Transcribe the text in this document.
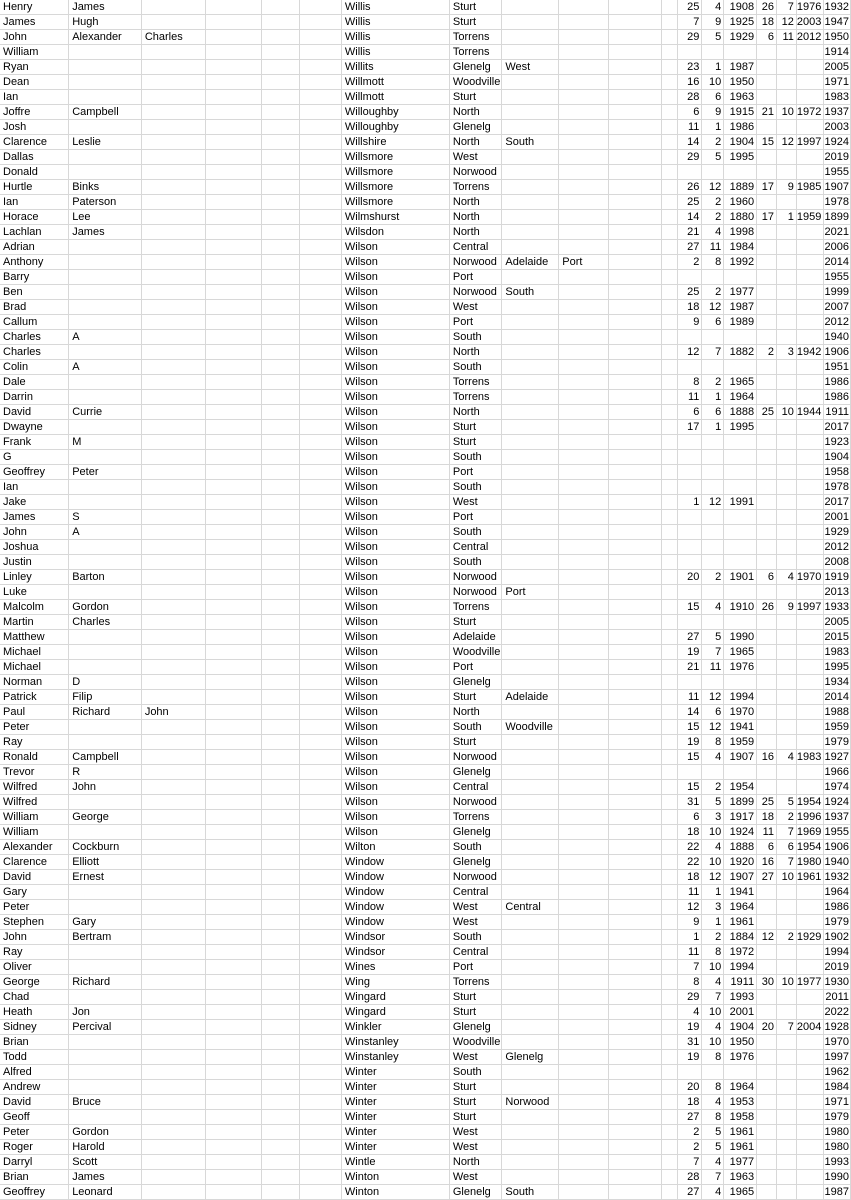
Henry	James					Willis	Sturt					25	4	1908	26	7	1976	1932
James	Hugh					Willis	Sturt					7	9	1925	18	12	2003	1947
John	Alexander	Charles				Willis	Torrens					29	5	1929	6	11	2012	1950
William						Willis	Torrens											1914
Ryan						Willits	Glenelg	West				23	1	1987				2005
Dean						Willmott	Woodville					16	10	1950				1971
Ian						Willmott	Sturt					28	6	1963				1983
Joffre	Campbell					Willoughby	North					6	9	1915	21	10	1972	1937
Josh						Willoughby	Glenelg					11	1	1986				2003
Clarence	Leslie					Willshire	North	South				14	2	1904	15	12	1997	1924
Dallas						Willsmore	West					29	5	1995				2019
Donald						Willsmore	Norwood											1955
Hurtle	Binks					Willsmore	Torrens					26	12	1889	17	9	1985	1907
Ian	Paterson					Willsmore	North					25	2	1960				1978
Horace	Lee					Wilmshurst	North					14	2	1880	17	1	1959	1899
Lachlan	James					Wilsdon	North					21	4	1998				2021
Adrian						Wilson	Central					27	11	1984				2006
Anthony						Wilson	Norwood	Adelaide	Port			2	8	1992				2014
Barry						Wilson	Port											1955
Ben						Wilson	Norwood	South				25	2	1977				1999
Brad						Wilson	West					18	12	1987				2007
Callum						Wilson	Port					9	6	1989				2012
Charles	A					Wilson	South											1940
Charles						Wilson	North					12	7	1882	2	3	1942	1906
Colin	A					Wilson	South											1951
Dale						Wilson	Torrens					8	2	1965				1986
Darrin						Wilson	Torrens					11	1	1964				1986
David	Currie					Wilson	North					6	6	1888	25	10	1944	1911
Dwayne						Wilson	Sturt					17	1	1995				2017
Frank	M					Wilson	Sturt											1923
G						Wilson	South											1904
Geoffrey	Peter					Wilson	Port											1958
Ian						Wilson	South											1978
Jake						Wilson	West					1	12	1991				2017
James	S					Wilson	Port											2001
John	A					Wilson	South											1929
Joshua						Wilson	Central											2012
Justin						Wilson	South											2008
Linley	Barton					Wilson	Norwood					20	2	1901	6	4	1970	1919
Luke						Wilson	Norwood	Port										2013
Malcolm	Gordon					Wilson	Torrens					15	4	1910	26	9	1997	1933
Martin	Charles					Wilson	Sturt											2005
Matthew						Wilson	Adelaide					27	5	1990				2015
Michael						Wilson	Woodville					19	7	1965				1983
Michael						Wilson	Port					21	11	1976				1995
Norman	D					Wilson	Glenelg											1934
Patrick	Filip					Wilson	Sturt	Adelaide				11	12	1994				2014
Paul	Richard	John				Wilson	North					14	6	1970				1988
Peter						Wilson	South	Woodville				15	12	1941				1959
Ray						Wilson	Sturt					19	8	1959				1979
Ronald	Campbell					Wilson	Norwood					15	4	1907	16	4	1983	1927
Trevor	R					Wilson	Glenelg											1966
Wilfred	John					Wilson	Central					15	2	1954				1974
Wilfred						Wilson	Norwood					31	5	1899	25	5	1954	1924
William	George					Wilson	Torrens					6	3	1917	18	2	1996	1937
William						Wilson	Glenelg					18	10	1924	11	7	1969	1955
Alexander	Cockburn					Wilton	South					22	4	1888	6	6	1954	1906
Clarence	Elliott					Window	Glenelg					22	10	1920	16	7	1980	1940
David	Ernest					Window	Norwood					18	12	1907	27	10	1961	1932
Gary						Window	Central					11	1	1941				1964
Peter						Window	West	Central				12	3	1964				1986
Stephen	Gary					Window	West					9	1	1961				1979
John	Bertram					Windsor	South					1	2	1884	12	2	1929	1902
Ray						Windsor	Central					11	8	1972				1994
Oliver						Wines	Port					7	10	1994				2019
George	Richard					Wing	Torrens					8	4	1911	30	10	1977	1930
Chad						Wingard	Sturt					29	7	1993				2011
Heath	Jon					Wingard	Sturt					4	10	2001				2022
Sidney	Percival					Winkler	Glenelg					19	4	1904	20	7	2004	1928
Brian						Winstanley	Woodville					31	10	1950				1970
Todd						Winstanley	West	Glenelg				19	8	1976				1997
Alfred						Winter	South											1962
Andrew						Winter	Sturt					20	8	1964				1984
David	Bruce					Winter	Sturt	Norwood				18	4	1953				1971
Geoff						Winter	Sturt					27	8	1958				1979
Peter	Gordon					Winter	West					2	5	1961				1980
Roger	Harold					Winter	West					2	5	1961				1980
Darryl	Scott					Wintle	North					7	4	1977				1993
Brian	James					Winton	West					28	7	1963				1990
Geoffrey	Leonard					Winton	Glenelg	South				27	4	1965				1987
